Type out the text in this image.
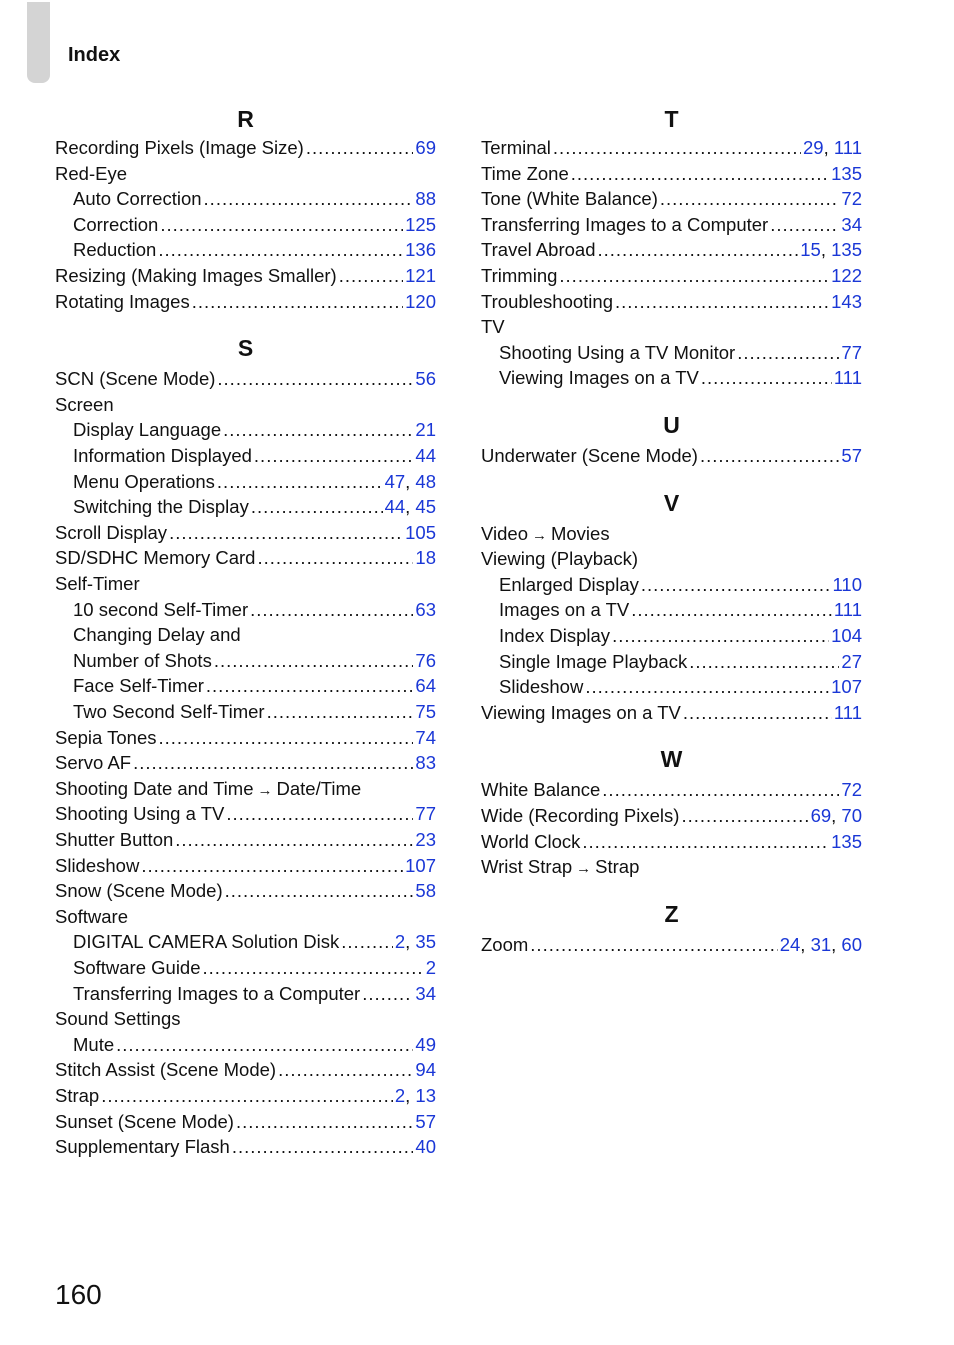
Index
R
Recording Pixels (Image Size) .....	69
Red-Eye
Auto Correction .....	88
Correction .....	125
Reduction .....	136
Resizing (Making Images Smaller) .....	121
Rotating Images .....	120
S
SCN (Scene Mode) .....	56
Screen
Display Language .....	21
Information Displayed .....	44
Menu Operations .....	47, 48
Switching the Display .....	44, 45
Scroll Display .....	105
SD/SDHC Memory Card .....	18
Self-Timer
10 second Self-Timer .....	63
Changing Delay and
Number of Shots .....	76
Face Self-Timer .....	64
Two Second Self-Timer .....	75
Sepia Tones .....	74
Servo AF .....	83
Shooting Date and Time → Date/Time
Shooting Using a TV .....	77
Shutter Button .....	23
Slideshow .....	107
Snow (Scene Mode) .....	58
Software
DIGITAL CAMERA Solution Disk .....	2, 35
Software Guide .....	2
Transferring Images to a Computer .....	34
Sound Settings
Mute .....	49
Stitch Assist (Scene Mode) .....	94
Strap .....	2, 13
Sunset (Scene Mode) .....	57
Supplementary Flash .....	40
T
Terminal .....	29, 111
Time Zone .....	135
Tone (White Balance) .....	72
Transferring Images to a Computer .....	34
Travel Abroad .....	15, 135
Trimming .....	122
Troubleshooting .....	143
TV
Shooting Using a TV Monitor .....	77
Viewing Images on a TV .....	111
U
Underwater (Scene Mode) .....	57
V
Video → Movies
Viewing (Playback)
Enlarged Display .....	110
Images on a TV .....	111
Index Display .....	104
Single Image Playback .....	27
Slideshow .....	107
Viewing Images on a TV .....	111
W
White Balance .....	72
Wide (Recording Pixels) .....	69, 70
World Clock .....	135
Wrist Strap → Strap
Z
Zoom .....	24, 31, 60
160
